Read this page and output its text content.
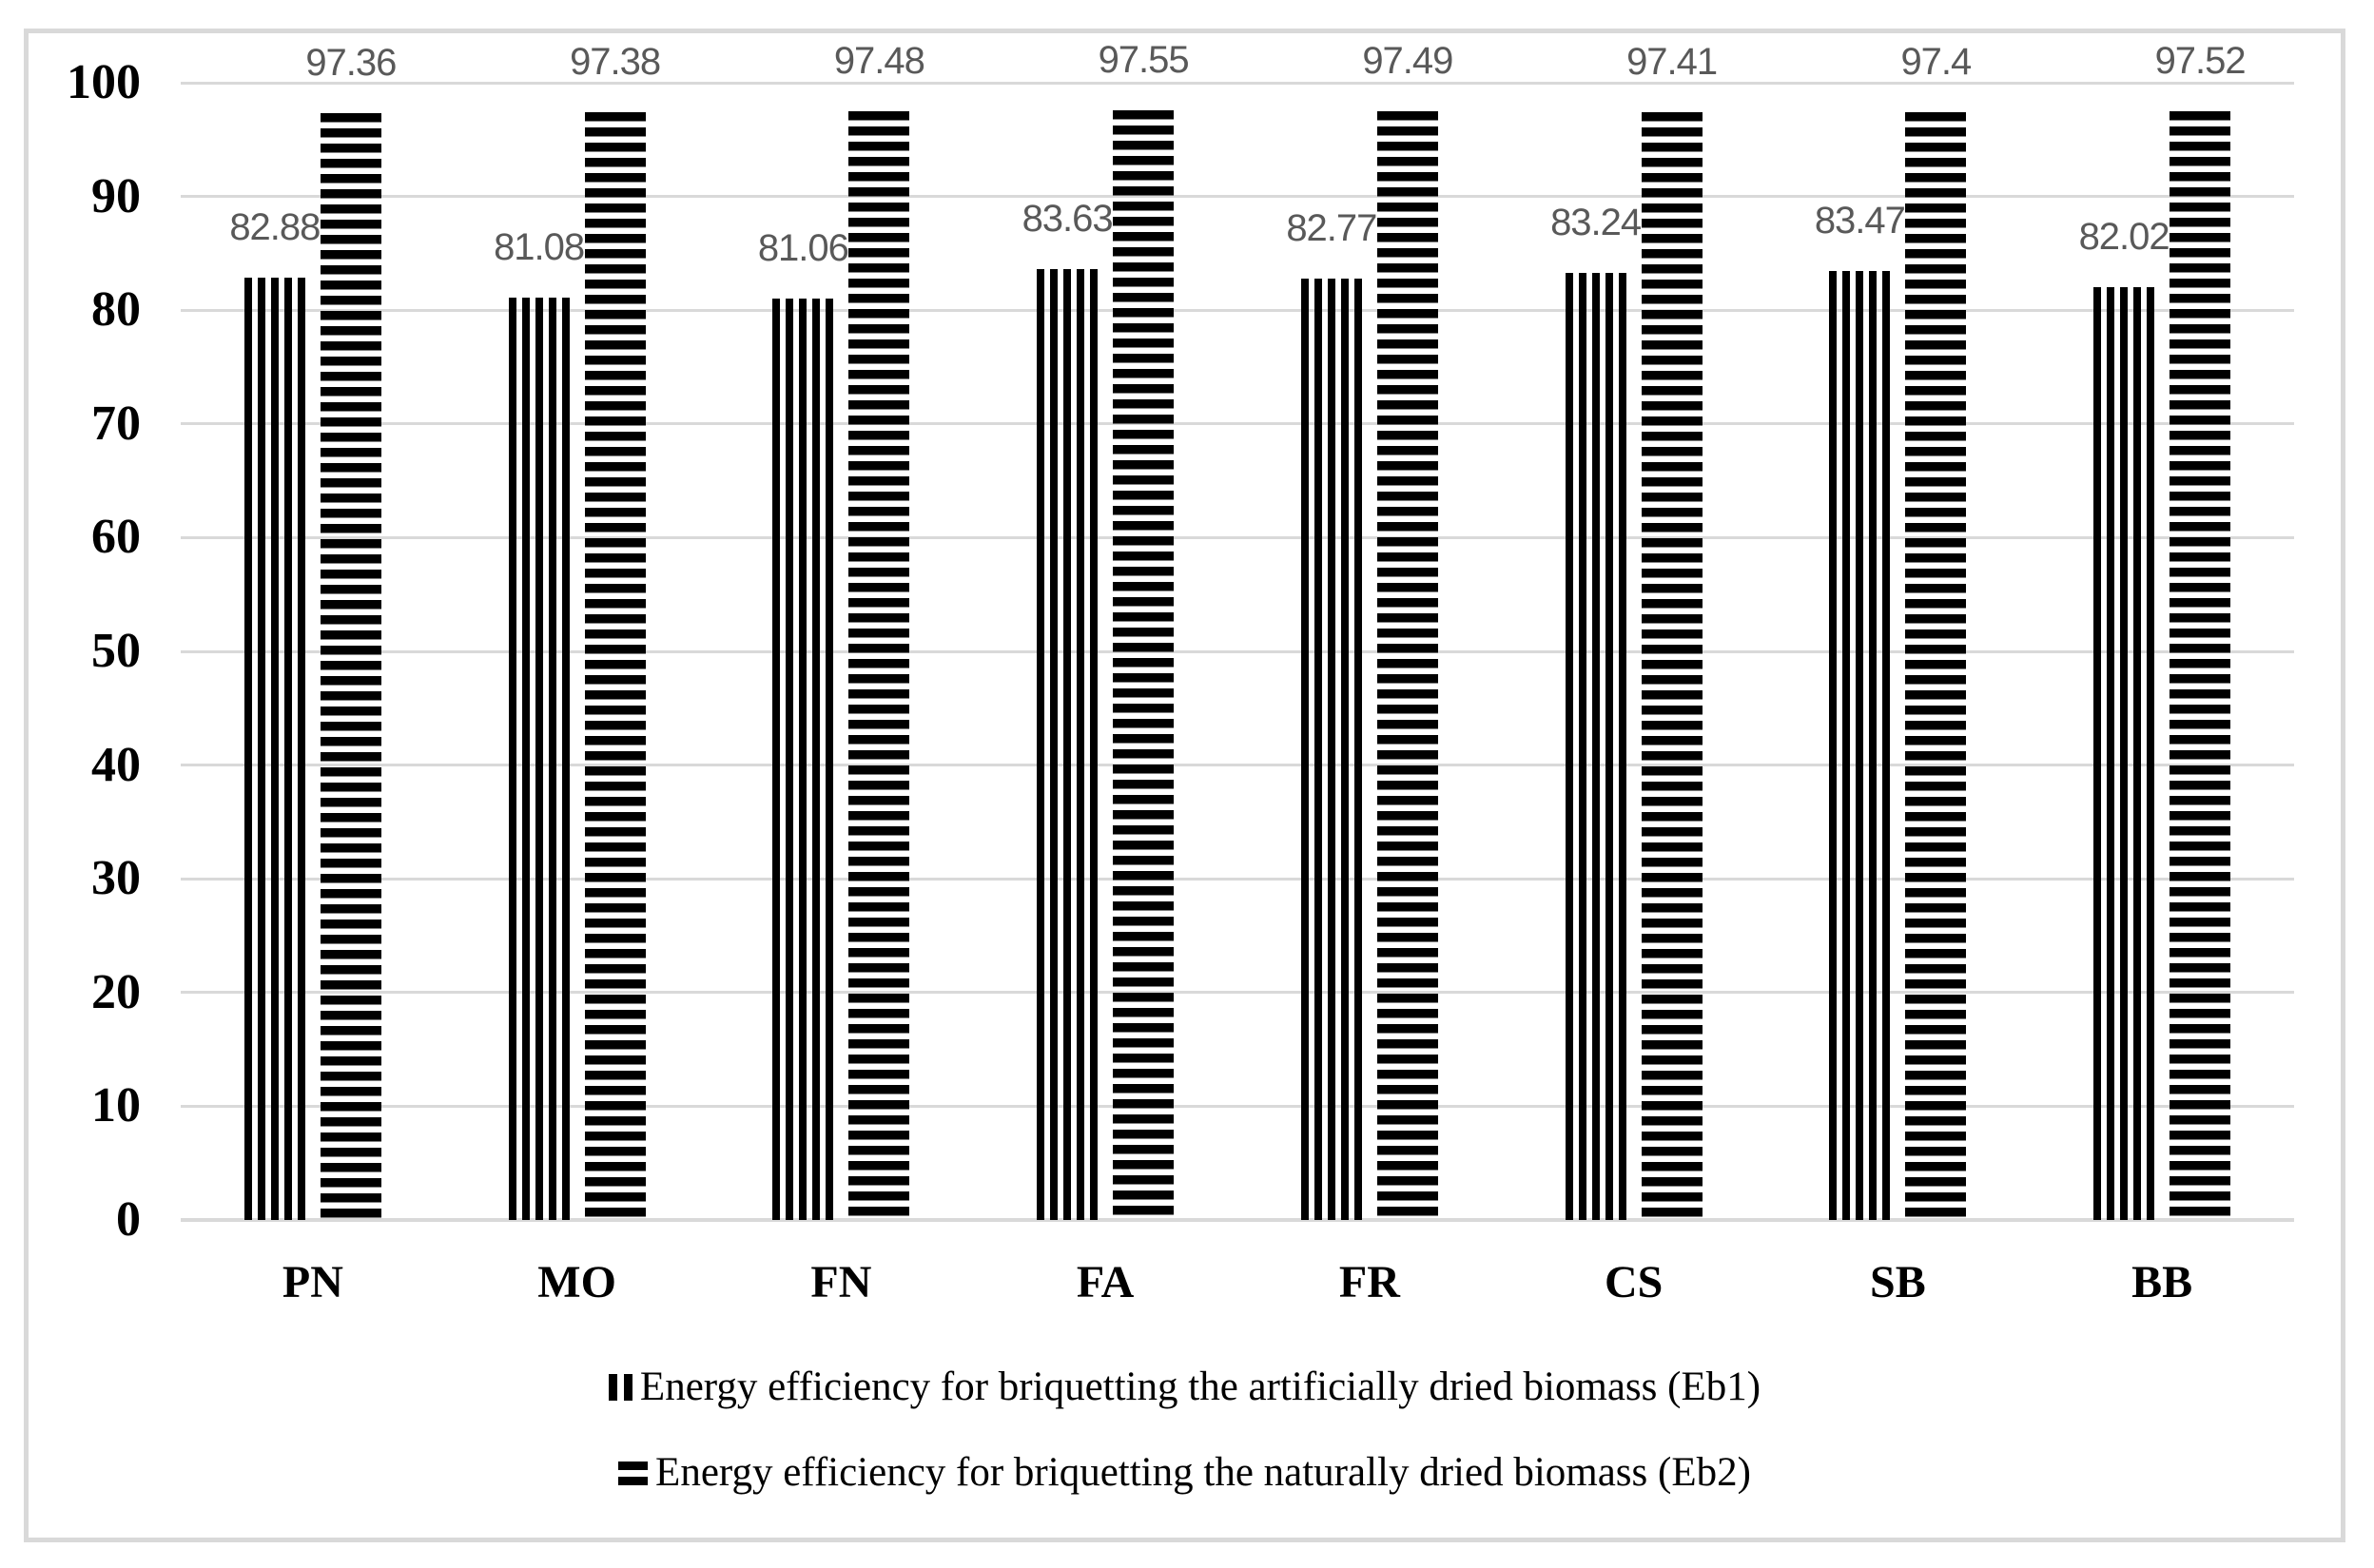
0
10
20
30
40
50
60
70
80
90
100
PN
82.88
97.36
MO
81.08
97.38
FN
81.06
97.48
FA
83.63
97.55
FR
82.77
97.49
CS
83.24
97.41
SB
83.47
97.4
BB
82.02
97.52
Energy efficiency for briquetting the artificially dried biomass (Eb1)
Energy efficiency for briquetting the naturally dried biomass (Eb2)
